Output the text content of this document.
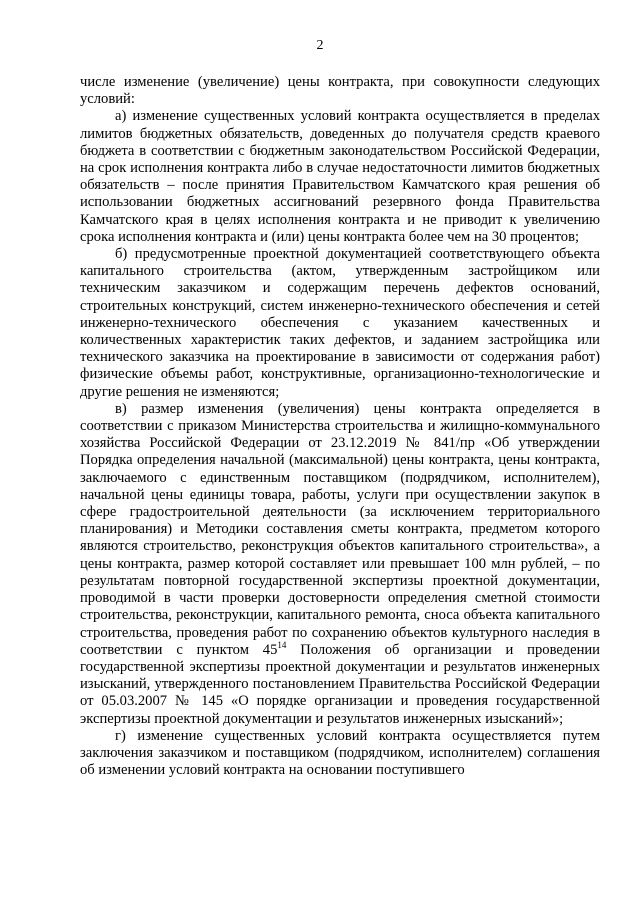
2

числе изменение (увеличение) цены контракта, при совокупности следующих условий:

а) изменение существенных условий контракта осуществляется в пределах лимитов бюджетных обязательств, доведенных до получателя средств краевого бюджета в соответствии с бюджетным законодательством Российской Федерации, на срок исполнения контракта либо в случае недостаточности лимитов бюджетных обязательств – после принятия Правительством Камчатского края решения об использовании бюджетных ассигнований резервного фонда Правительства Камчатского края в целях исполнения контракта и не приводит к увеличению срока исполнения контракта и (или) цены контракта более чем на 30 процентов;

б) предусмотренные проектной документацией соответствующего объекта капитального строительства (актом, утвержденным застройщиком или техническим заказчиком и содержащим перечень дефектов оснований, строительных конструкций, систем инженерно-технического обеспечения и сетей инженерно-технического обеспечения с указанием качественных и количественных характеристик таких дефектов, и заданием застройщика или технического заказчика на проектирование в зависимости от содержания работ) физические объемы работ, конструктивные, организационно-технологические и другие решения не изменяются;

в) размер изменения (увеличения) цены контракта определяется в соответствии с приказом Министерства строительства и жилищно-коммунального хозяйства Российской Федерации от 23.12.2019 № 841/пр «Об утверждении Порядка определения начальной (максимальной) цены контракта, цены контракта, заключаемого с единственным поставщиком (подрядчиком, исполнителем), начальной цены единицы товара, работы, услуги при осуществлении закупок в сфере градостроительной деятельности (за исключением территориального планирования) и Методики составления сметы контракта, предметом которого являются строительство, реконструкция объектов капитального строительства», а цены контракта, размер которой составляет или превышает 100 млн рублей, – по результатам повторной государственной экспертизы проектной документации, проводимой в части проверки достоверности определения сметной стоимости строительства, реконструкции, капитального ремонта, сноса объекта капитального строительства, проведения работ по сохранению объектов культурного наследия в соответствии с пунктом 45$^{14}$ Положения об организации и проведении государственной экспертизы проектной документации и результатов инженерных изысканий, утвержденного постановлением Правительства Российской Федерации от 05.03.2007 № 145 «О порядке организации и проведения государственной экспертизы проектной документации и результатов инженерных изысканий»;

г) изменение существенных условий контракта осуществляется путем заключения заказчиком и поставщиком (подрядчиком, исполнителем) соглашения об изменении условий контракта на основании поступившего
